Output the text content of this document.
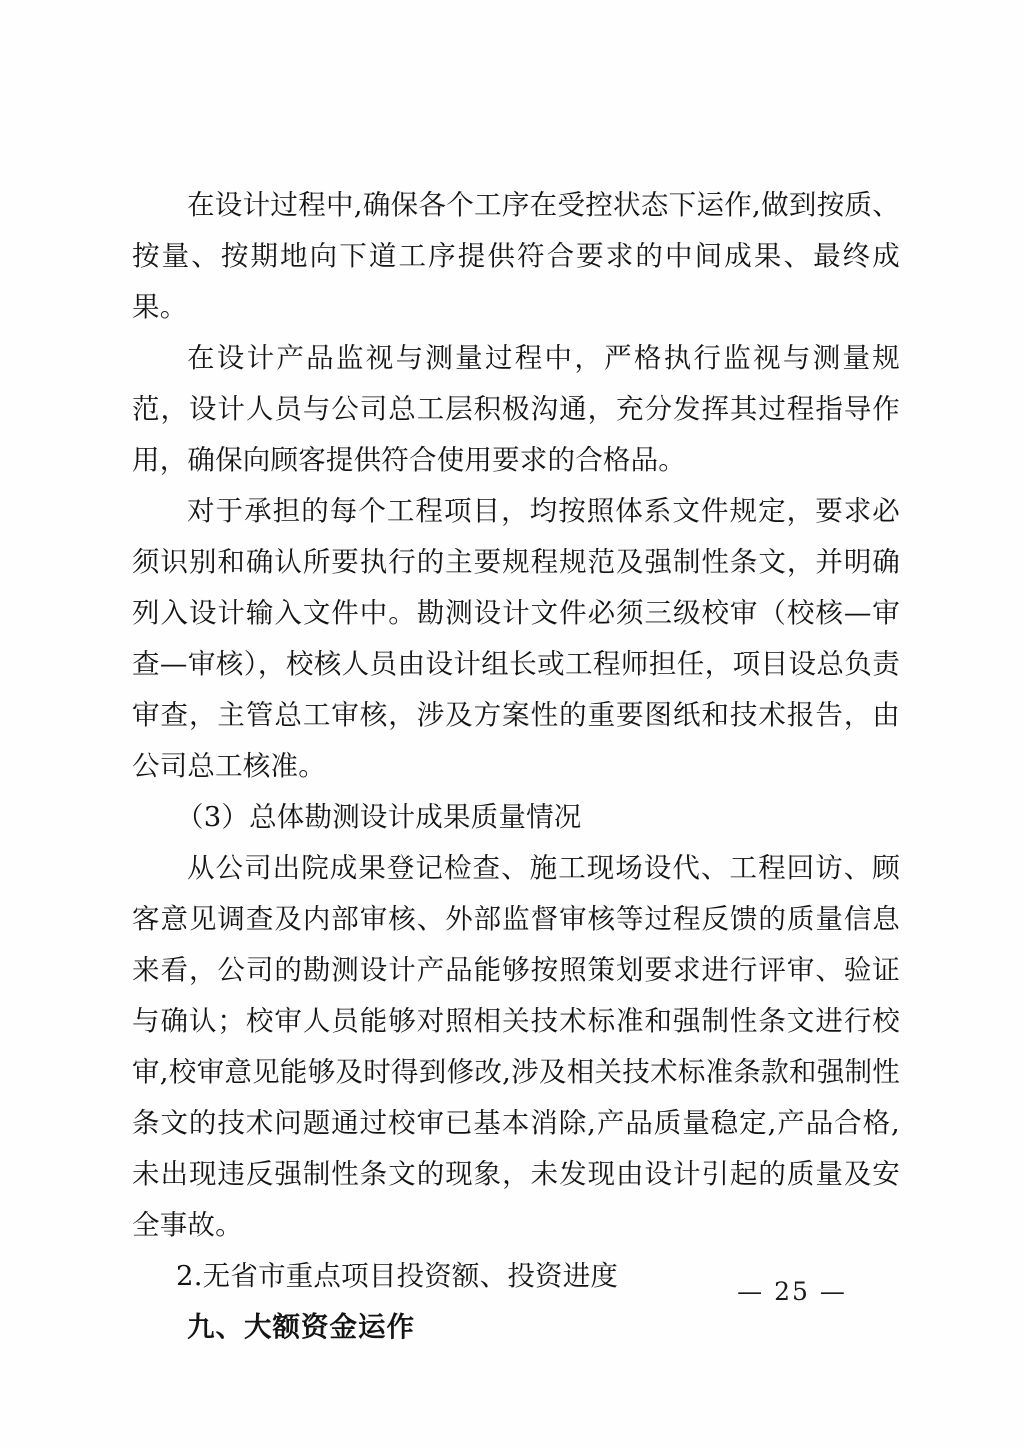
在设计过程中,确保各个工序在受控状态下运作,做到按质、按量、按期地向下道工序提供符合要求的中间成果、最终成果。

在设计产品监视与测量过程中，严格执行监视与测量规范，设计人员与公司总工层积极沟通，充分发挥其过程指导作用，确保向顾客提供符合使用要求的合格品。

对于承担的每个工程项目，均按照体系文件规定，要求必须识别和确认所要执行的主要规程规范及强制性条文，并明确列入设计输入文件中。勘测设计文件必须三级校审（校核—审查—审核），校核人员由设计组长或工程师担任，项目设总负责审查，主管总工审核，涉及方案性的重要图纸和技术报告，由公司总工核准。

（3）总体勘测设计成果质量情况

从公司出院成果登记检查、施工现场设代、工程回访、顾客意见调查及内部审核、外部监督审核等过程反馈的质量信息来看，公司的勘测设计产品能够按照策划要求进行评审、验证与确认；校审人员能够对照相关技术标准和强制性条文进行校审,校审意见能够及时得到修改,涉及相关技术标准条款和强制性条文的技术问题通过校审已基本消除,产品质量稳定,产品合格,未出现违反强制性条文的现象，未发现由设计引起的质量及安全事故。

2.无省市重点项目投资额、投资进度

九、大额资金运作

— 25 —
